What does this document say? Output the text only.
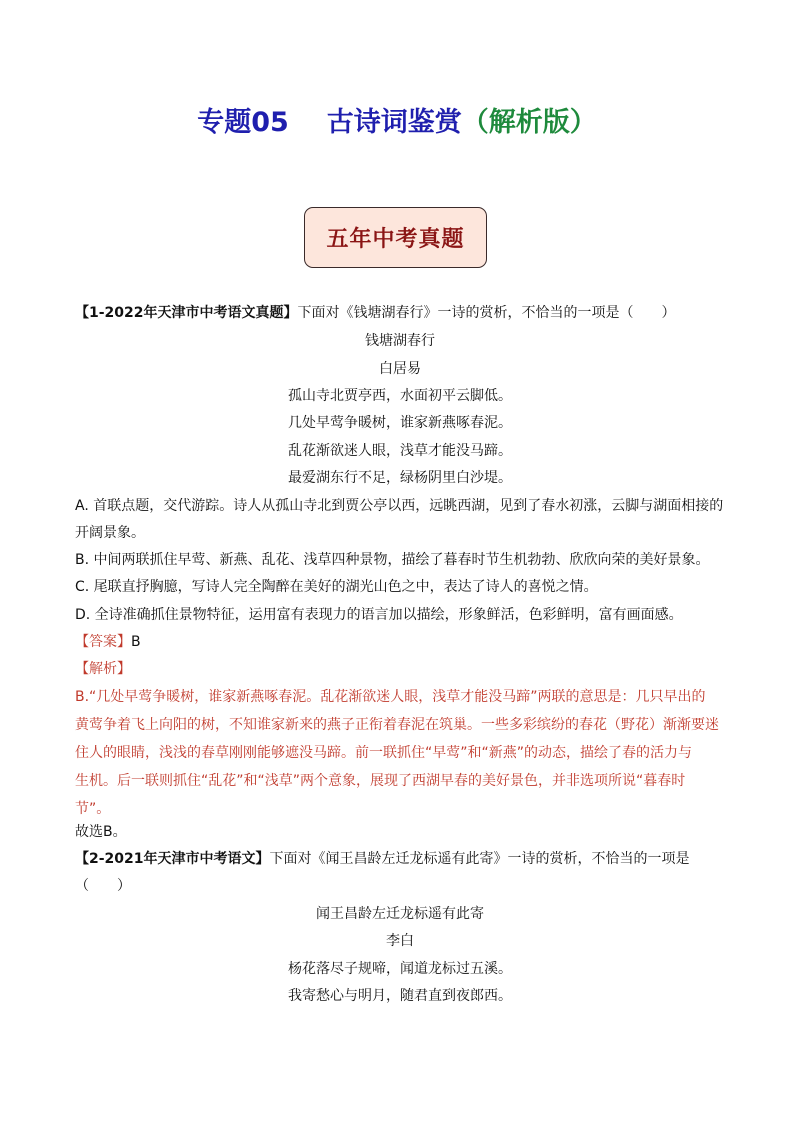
专题05 古诗词鉴赏（解析版）
五年中考真题
【1-2022年天津市中考语文真题】下面对《钱塘湖春行》一诗的赏析，不恰当的一项是（　　）
钱塘湖春行
白居易
孤山寺北贾亭西，水面初平云脚低。
几处早莺争暖树，谁家新燕啄春泥。
乱花渐欲迷人眼，浅草才能没马蹄。
最爱湖东行不足，绿杨阴里白沙堤。
A. 首联点题，交代游踪。诗人从孤山寺北到贾公亭以西，远眺西湖，见到了春水初涨，云脚与湖面相接的
开阔景象。
B. 中间两联抓住早莺、新燕、乱花、浅草四种景物，描绘了暮春时节生机勃勃、欣欣向荣的美好景象。
C. 尾联直抒胸臆，写诗人完全陶醉在美好的湖光山色之中，表达了诗人的喜悦之情。
D. 全诗准确抓住景物特征，运用富有表现力的语言加以描绘，形象鲜活，色彩鲜明，富有画面感。
【答案】B
【解析】
B.“几处早莺争暖树，谁家新燕啄春泥。乱花渐欲迷人眼，浅草才能没马蹄”两联的意思是：几只早出的
黄莺争着飞上向阳的树，不知谁家新来的燕子正衔着春泥在筑巢。一些多彩缤纷的春花（野花）渐渐要迷
住人的眼睛，浅浅的春草刚刚能够遮没马蹄。前一联抓住“早莺”和“新燕”的动态，描绘了春的活力与
生机。后一联则抓住“乱花”和“浅草”两个意象，展现了西湖早春的美好景色，并非选项所说“暮春时
节”。
故选B。
【2-2021年天津市中考语文】下面对《闻王昌龄左迁龙标遥有此寄》一诗的赏析，不恰当的一项是
（　　）
闻王昌龄左迁龙标遥有此寄
李白
杨花落尽子规啼，闻道龙标过五溪。
我寄愁心与明月，随君直到夜郎西。
